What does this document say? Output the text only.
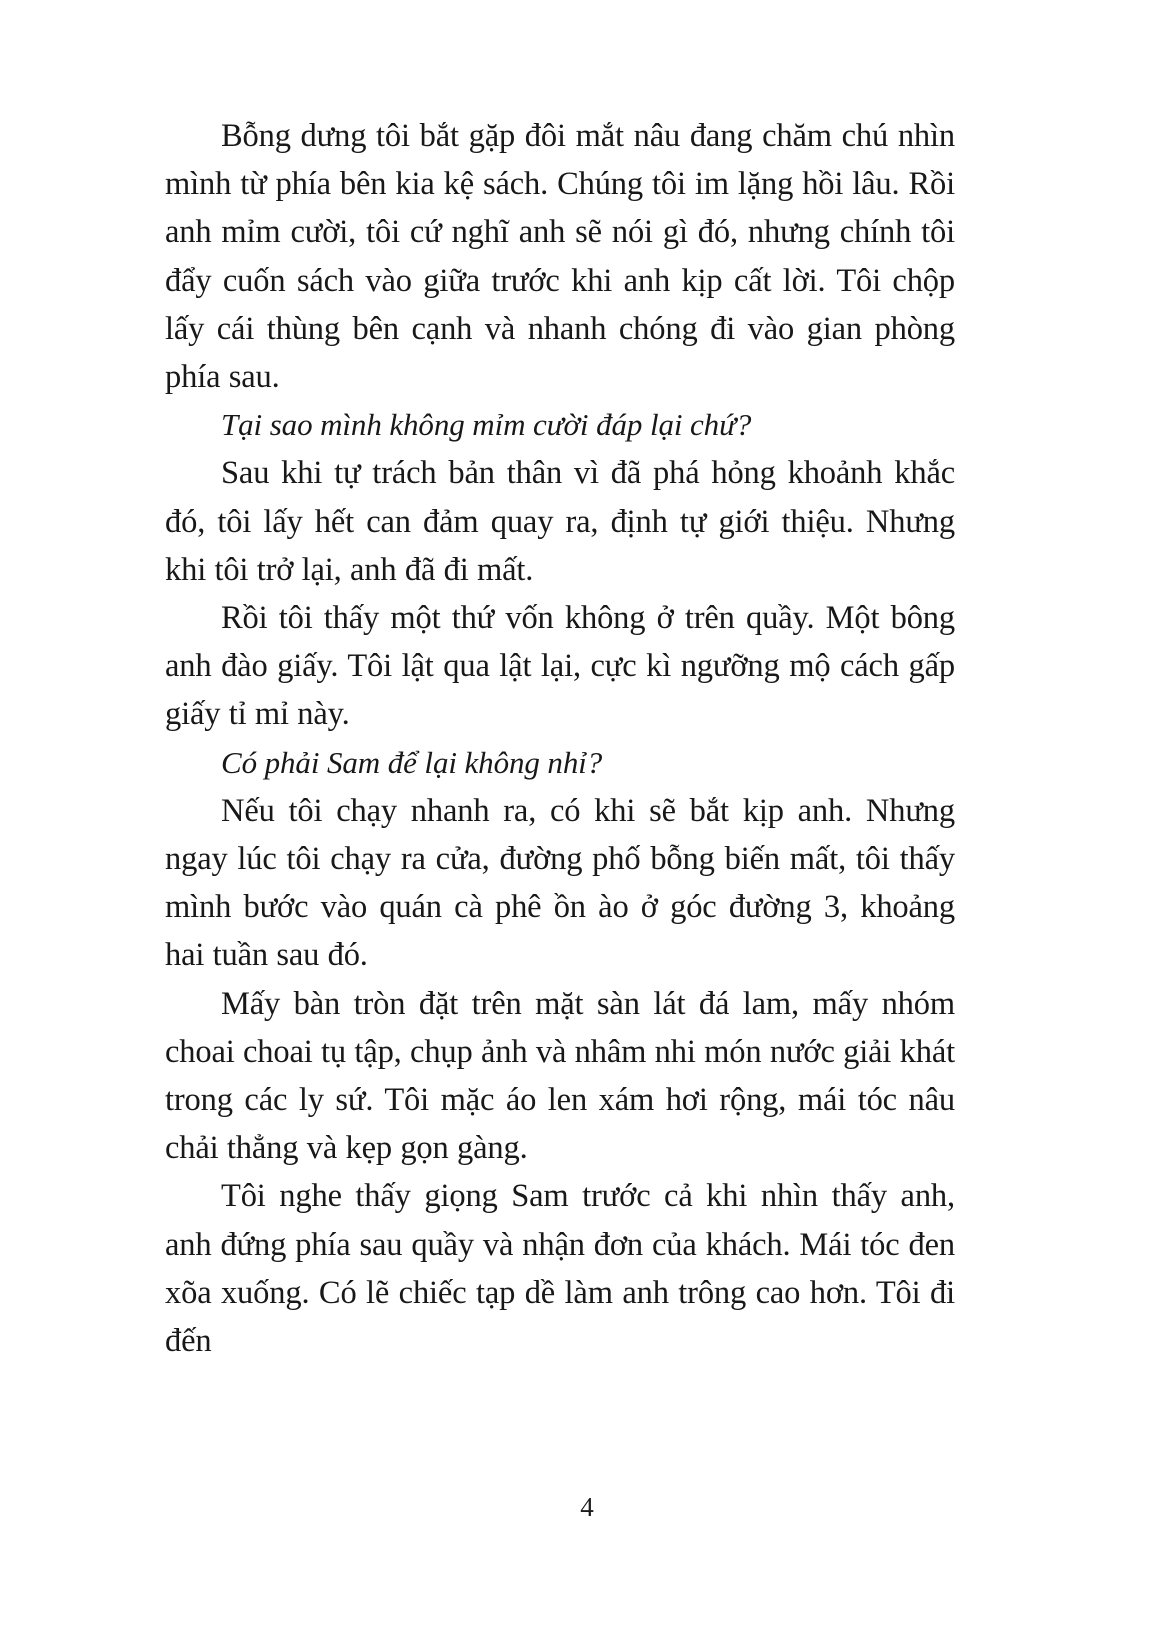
Bỗng dưng tôi bắt gặp đôi mắt nâu đang chăm chú nhìn mình từ phía bên kia kệ sách. Chúng tôi im lặng hồi lâu. Rồi anh mỉm cười, tôi cứ nghĩ anh sẽ nói gì đó, nhưng chính tôi đẩy cuốn sách vào giữa trước khi anh kịp cất lời. Tôi chộp lấy cái thùng bên cạnh và nhanh chóng đi vào gian phòng phía sau.

Tại sao mình không mỉm cười đáp lại chứ?

Sau khi tự trách bản thân vì đã phá hỏng khoảnh khắc đó, tôi lấy hết can đảm quay ra, định tự giới thiệu. Nhưng khi tôi trở lại, anh đã đi mất.

Rồi tôi thấy một thứ vốn không ở trên quầy. Một bông anh đào giấy. Tôi lật qua lật lại, cực kì ngưỡng mộ cách gấp giấy tỉ mỉ này.

Có phải Sam để lại không nhỉ?

Nếu tôi chạy nhanh ra, có khi sẽ bắt kịp anh. Nhưng ngay lúc tôi chạy ra cửa, đường phố bỗng biến mất, tôi thấy mình bước vào quán cà phê ồn ào ở góc đường 3, khoảng hai tuần sau đó.

Mấy bàn tròn đặt trên mặt sàn lát đá lam, mấy nhóm choai choai tụ tập, chụp ảnh và nhâm nhi món nước giải khát trong các ly sứ. Tôi mặc áo len xám hơi rộng, mái tóc nâu chải thẳng và kẹp gọn gàng.

Tôi nghe thấy giọng Sam trước cả khi nhìn thấy anh, anh đứng phía sau quầy và nhận đơn của khách. Mái tóc đen xõa xuống. Có lẽ chiếc tạp dề làm anh trông cao hơn. Tôi đi đến

4
